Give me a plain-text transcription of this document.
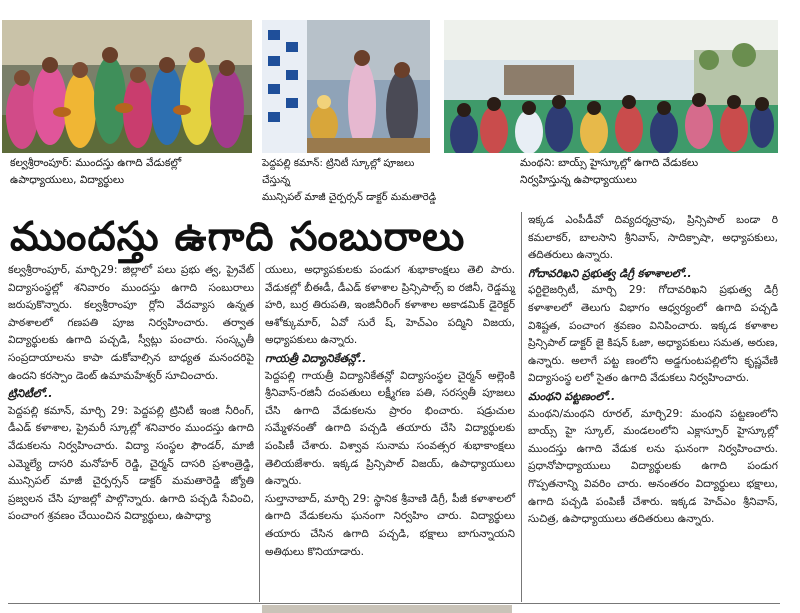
కల్వశ్రీరాంపూర్: ముందస్తు ఉగాది వేడుకల్లో
ఉపాధ్యాయులు, విద్యార్థులు
పెద్దపల్లి కమాన్: ట్రినిటీ స్కూల్లో పూజలు చేస్తున్న
మున్సిపల్ మాజీ చైర్పర్సన్ డాక్టర్ మమతారెడ్డి
మంథని: బాయ్స్ హైస్కూల్లో ఉగాది వేడుకలు
నిర్వహిస్తున్న ఉపాధ్యాయులు
ముందస్తు ఉగాది సంబురాలు

కల్వశ్రీరాంపూర్, మార్చి29: జిల్లాలో పలు ప్రభు త్వ, ప్రైవేట్ విద్యాసంస్థల్లో శనివారం ముందస్తు ఉగాది సంబురాలు జరుపుకొన్నారు. కల్వశ్రీరాంపూ ర్లోని వేదవ్యాస ఉన్నత పాఠశాలలో గణపతి పూజ నిర్వహించారు. తర్వాత విద్యార్థులకు ఉగాది పచ్చడి, స్వీట్లు పంచారు. సంస్కృతీ సంప్రదాయాలను కాపా డుకోవాల్సిన బాధ్యత మనందరిపై ఉందని కరస్పాం డెంట్ ఉమామహేశ్వర్ సూచించారు.

ట్రినిటీలో..

పెద్దపల్లి కమాన్, మార్చి 29: పెద్దపల్లి ట్రినిటీ ఇంజి నీరింగ్, డీఎడ్ కళాశాల, ప్రైమరీ స్కూల్లో శనివారం ముందస్తు ఉగాది వేడుకలను నిర్వహించారు. విద్యా సంస్థల ఫౌండర్, మాజీ ఎమ్మెల్యే దాసరి మనోహర్ రెడ్డి, చైర్మన్ దాసరి ప్రశాంత్రెడ్డి, మున్సిపల్ మాజీ చైర్పర్సన్ డాక్టర్ మమతారెడ్డి జ్యోతి ప్రజ్వలన చేసి పూజల్లో పాల్గొన్నారు. ఉగాది పచ్చడి సేవించి, పంచాంగ శ్రవణం చేయించిన విద్యార్థులు, ఉపాధ్యా

యులు, అధ్యాపకులకు పండుగ శుభాకాంక్షలు తెలి పారు. వేడుకల్లో బీఈడీ, డీఎడ్ కళాశాల ప్రిన్సిపాల్స్ ఐ రజినీ, రెడ్డమ్మ హరి, బుర్ర తిరుపతి, ఇంజినీరింగ్ కళాశాల అకాడమిక్ డైరెక్టర్ ఆశోక్కుమార్, ఏవో సురే ష్, హెచ్ఎం పద్మిని విజయ, అధ్యాపకులు ఉన్నారు.

గాయత్రీ విద్యానికేతన్లో..

పెద్దపల్లి గాయత్రీ విద్యానికేతన్లో విద్యాసంస్థల చైర్మన్ అల్లెంకి శ్రీనివాస్-రజినీ దంపతులు లక్ష్మీగణ పతి, సరస్వతీ పూజలు చేసి ఉగాది వేడుకలను ప్రారం భించారు. షడ్రుచుల సమ్మేళనంతో ఉగాది పచ్చడి తయారు చేసి విద్యార్థులకు పంపిణీ చేశారు. విశ్వావ సునామ సంవత్సర శుభాకాంక్షలు తెలియజేశారు. ఇక్కడ ప్రిన్సిపాల్ విజయ్, ఉపాధ్యాయులు ఉన్నారు.

సుల్తానాబాద్, మార్చి 29: స్థానిక శ్రీవాణి డిగ్రీ, పీజీ కళాశాలలో ఉగాది వేడుకలను ఘనంగా నిర్వహిం చారు. విద్యార్థులు తయారు చేసిన ఉగాది పచ్చడి, భక్షాలు బాగున్నాయని అతిథులు కొనియాడారు.

ఇక్కడ ఎంపీడీవో దివ్యదర్శన్రావు, ప్రిన్సిపాల్ బండా రి కమలాకర్, బాలసాని శ్రీనివాస్, సాదిక్పాషా, అధ్యాపకులు, తదితరులు ఉన్నారు.

గోదావరిఖని ప్రభుత్వ డిగ్రీ కళాశాలలో..

ఫర్టిలైజర్సిటీ, మార్చి 29: గోదావరిఖని ప్రభుత్వ డిగ్రీ కళాశాలలో తెలుగు విభాగం ఆధ్వర్యంలో ఉగాది పచ్చడి విశిష్టత, పంచాంగ శ్రవణం వినిపించారు. ఇక్కడ కళాశాల ప్రిన్సిపాల్ డాక్టర్ జై కిషన్ ఓజా, అధ్యాపకులు సమత, అరుణ, ఉన్నారు. అలాగే పట్ట ణంలోని అడ్డగుంటపల్లిలోని కృష్ణవేణి విద్యాసంస్థ లలో సైతం ఉగాది వేడుకలు నిర్వహించారు.

మంథని పట్టణంలో..

మంథని/మంథని రూరల్, మార్చి29: మంథని పట్టణంలోని బాయ్స్ హై స్కూల్, మండలంలోని ఎక్లాస్పూర్ హైస్కూల్లో ముందస్తు ఉగాది వేడుక లను ఘనంగా నిర్వహించారు. ప్రధానోపాధ్యాయులు విద్యార్థులకు ఉగాది పండుగ గొప్పతనాన్ని వివరిం చారు. అనంతరం విద్యార్థులు భక్షాలు, ఉగాది పచ్చడి పంపిణీ చేశారు. ఇక్కడ హెచ్ఎం శ్రీనివాస్, సుచిత్ర, ఉపాధ్యాయులు తదితరులు ఉన్నారు.
